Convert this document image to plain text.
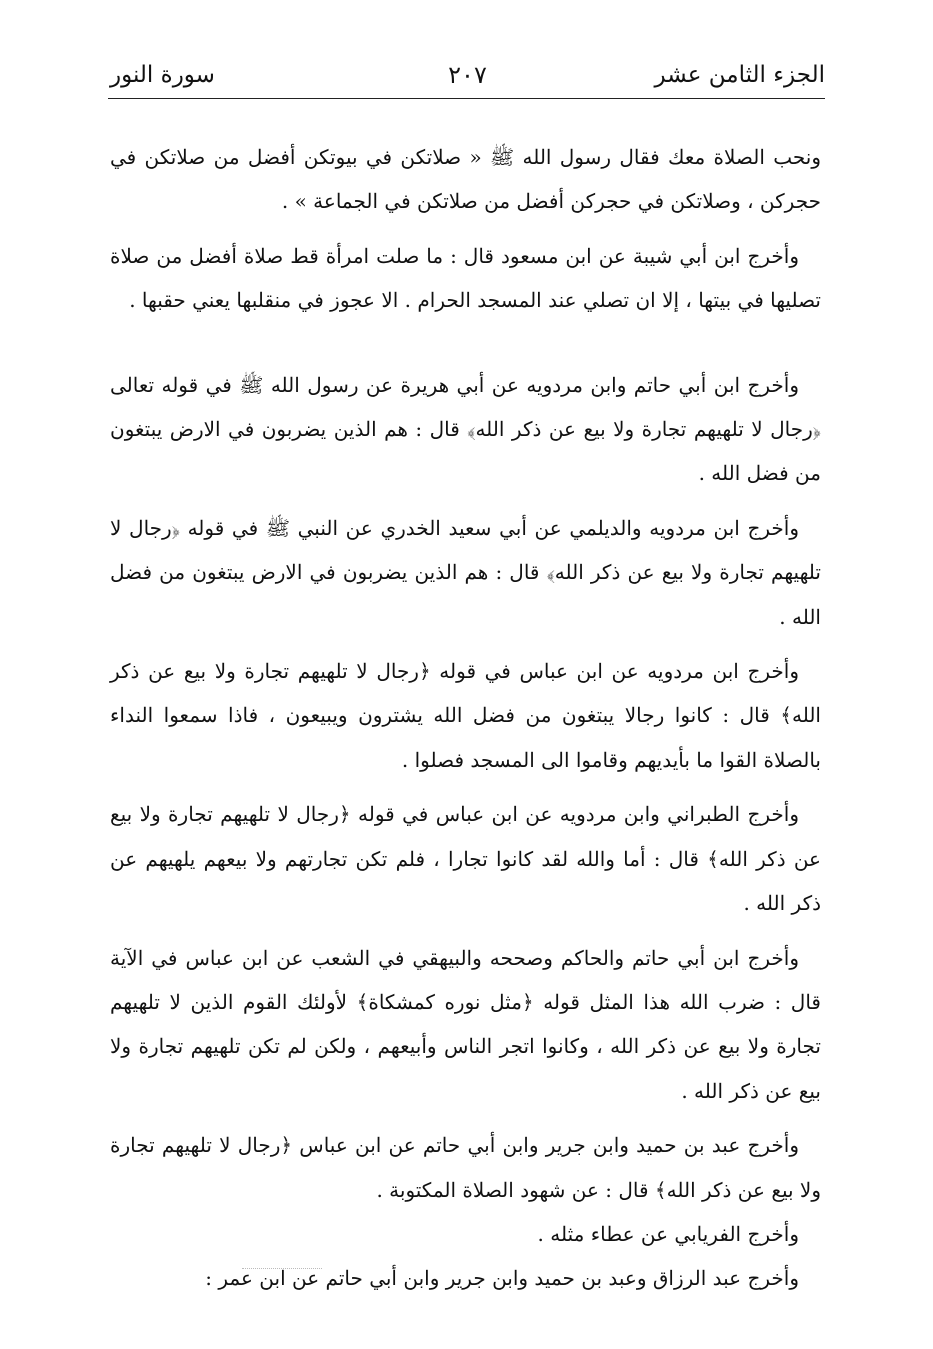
الجزء الثامن عشر
٢٠٧
سورة النور

ونحب الصلاة معك فقال رسول الله ﷺ « صلاتكن في بيوتكن أفضل من صلاتكن في حجركن ، وصلاتكن في حجركن أفضل من صلاتكن في الجماعة » .

وأخرج ابن أبي شيبة عن ابن مسعود قال : ما صلت امرأة قط صلاة أفضل من صلاة تصليها في بيتها ، إلا ان تصلي عند المسجد الحرام . الا عجوز في منقلبها يعني حقبها .

وأخرج ابن أبي حاتم وابن مردويه عن أبي هريرة عن رسول الله ﷺ في قوله تعالى ﴿رجال لا تلهيهم تجارة ولا بيع عن ذكر الله﴾ قال : هم الذين يضربون في الارض يبتغون من فضل الله .

وأخرج ابن مردويه والديلمي عن أبي سعيد الخدري عن النبي ﷺ في قوله ﴿رجال لا تلهيهم تجارة ولا بيع عن ذكر الله﴾ قال : هم الذين يضربون في الارض يبتغون من فضل الله .

وأخرج ابن مردويه عن ابن عباس في قوله ﴿رجال لا تلهيهم تجارة ولا بيع عن ذكر الله﴾ قال : كانوا رجالا يبتغون من فضل الله يشترون ويبيعون ، فاذا سمعوا النداء بالصلاة القوا ما بأيديهم وقاموا الى المسجد فصلوا .

وأخرج الطبراني وابن مردويه عن ابن عباس في قوله ﴿رجال لا تلهيهم تجارة ولا بيع عن ذكر الله﴾ قال : أما والله لقد كانوا تجارا ، فلم تكن تجارتهم ولا بيعهم يلهيهم عن ذكر الله .

وأخرج ابن أبي حاتم والحاكم وصححه والبيهقي في الشعب عن ابن عباس في الآية قال : ضرب الله هذا المثل قوله ﴿مثل نوره كمشكاة﴾ لأولئك القوم الذين لا تلهيهم تجارة ولا بيع عن ذكر الله ، وكانوا اتجر الناس وأبيعهم ، ولكن لم تكن تلهيهم تجارة ولا بيع عن ذكر الله .

وأخرج عبد بن حميد وابن جرير وابن أبي حاتم عن ابن عباس ﴿رجال لا تلهيهم تجارة ولا بيع عن ذكر الله﴾ قال : عن شهود الصلاة المكتوبة .

وأخرج الفريابي عن عطاء مثله .

وأخرج عبد الرزاق وعبد بن حميد وابن جرير وابن أبي حاتم عن ابن عمر :
